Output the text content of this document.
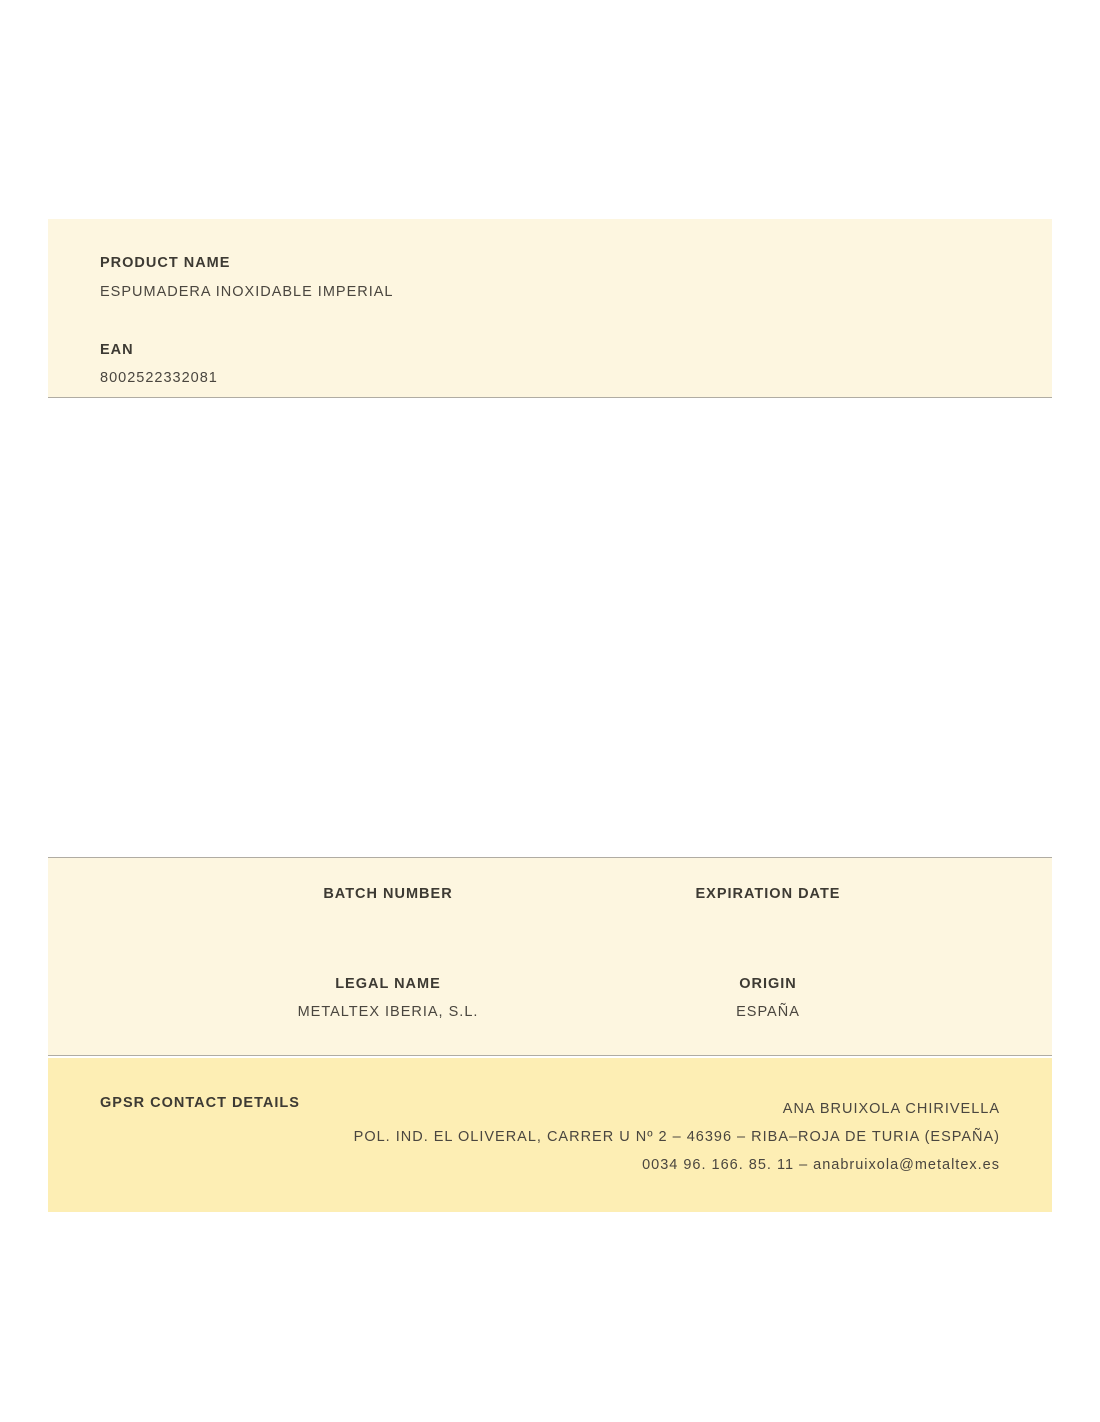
PRODUCT NAME

ESPUMADERA INOXIDABLE IMPERIAL

EAN

8002522332081

BATCH NUMBER	EXPIRATION DATE
LEGAL NAME
METALTEX IBERIA, S.L.
ORIGIN
ESPAÑA
GPSR CONTACT DETAILS	ANA BRUIXOLA CHIRIVELLA
POL. IND. EL OLIVERAL, CARRER U Nº 2 – 46396 – RIBA–ROJA DE TURIA (ESPAÑA)
0034 96. 166. 85. 11 – anabruixola@metaltex.es
